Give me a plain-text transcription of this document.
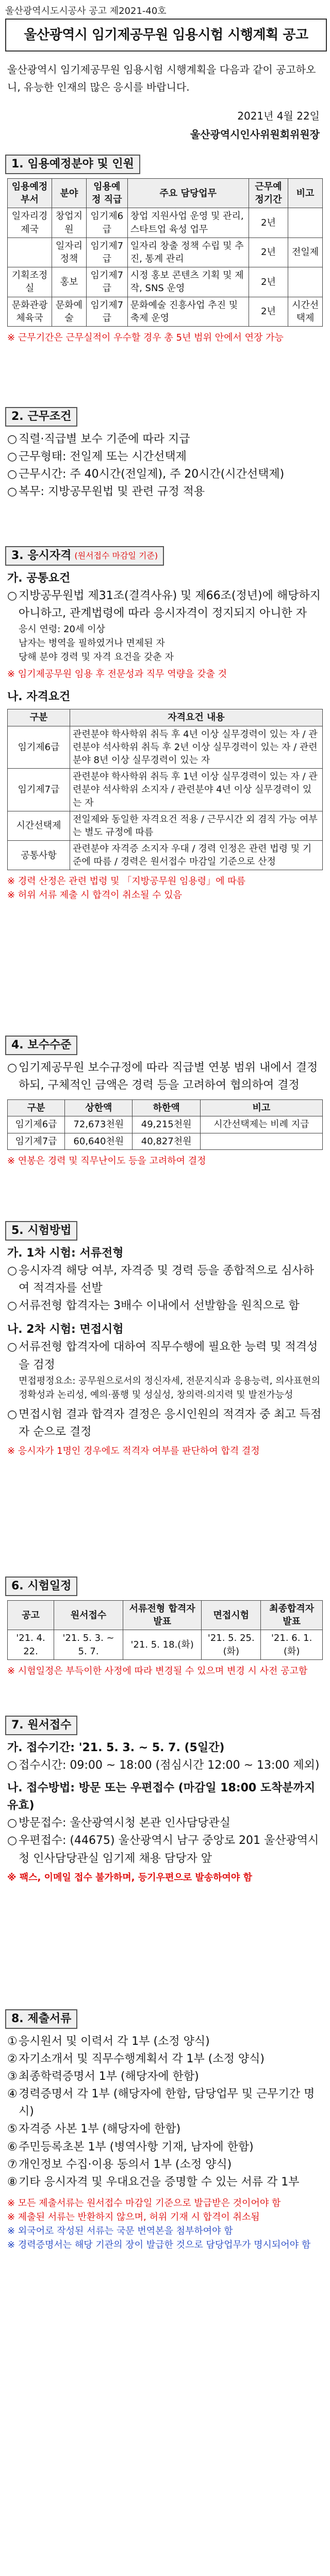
울산광역시도시공사 공고 제2021-40호
울산광역시 임기제공무원 임용시험 시행계획 공고
울산광역시 임기제공무원 임용시험 시행계획을 다음과 같이 공고하오니, 유능한 인재의 많은 응시를 바랍니다.
2021년 4월 22일
울산광역시인사위원회위원장
1. 임용예정분야 및 인원
임용예정 부서	분야	임용예정 직급	주요 담당업무	근무예정기간	비고
일자리경제국	창업지원	임기제6급	창업 지원사업 운영 및 관리, 스타트업 육성 업무	2년	
	일자리정책	임기제7급	일자리 창출 정책 수립 및 추진, 통계 관리	2년	전일제
기획조정실	홍보	임기제7급	시정 홍보 콘텐츠 기획 및 제작, SNS 운영	2년	
문화관광체육국	문화예술	임기제7급	문화예술 진흥사업 추진 및 축제 운영	2년	시간선택제
※ 근무기간은 근무실적이 우수할 경우 총 5년 범위 안에서 연장 가능
2. 근무조건
○ 직렬·직급별 보수 기준에 따라 지급
○ 근무형태: 전일제 또는 시간선택제
○ 근무시간: 주 40시간(전일제), 주 20시간(시간선택제)
○ 복무: 지방공무원법 및 관련 규정 적용
3. 응시자격 (원서접수 마감일 기준)
가. 공통요건
○ 지방공무원법 제31조(결격사유) 및 제66조(정년)에 해당하지 아니하고, 관계법령에 따라 응시자격이 정지되지 아니한 자
응시 연령: 20세 이상
남자는 병역을 필하였거나 면제된 자
당해 분야 경력 및 자격 요건을 갖춘 자
※ 임기제공무원 임용 후 전문성과 직무 역량을 갖출 것
나. 자격요건
구분	자격요건 내용
임기제6급	관련분야 학사학위 취득 후 4년 이상 실무경력이 있는 자 / 관련분야 석사학위 취득 후 2년 이상 실무경력이 있는 자 / 관련분야 8년 이상 실무경력이 있는 자
임기제7급	관련분야 학사학위 취득 후 1년 이상 실무경력이 있는 자 / 관련분야 석사학위 소지자 / 관련분야 4년 이상 실무경력이 있는 자
시간선택제	전일제와 동일한 자격요건 적용 / 근무시간 외 겸직 가능 여부는 별도 규정에 따름
공통사항	관련분야 자격증 소지자 우대 / 경력 인정은 관련 법령 및 기준에 따름 / 경력은 원서접수 마감일 기준으로 산정
※ 경력 산정은 관련 법령 및 「지방공무원 임용령」에 따름
※ 허위 서류 제출 시 합격이 취소될 수 있음
4. 보수수준
○ 임기제공무원 보수규정에 따라 직급별 연봉 범위 내에서 결정하되, 구체적인 금액은 경력 등을 고려하여 협의하여 결정
구분	상한액	하한액	비고
임기제6급	72,673천원	49,215천원	시간선택제는 비례 지급
임기제7급	60,640천원	40,827천원	
※ 연봉은 경력 및 직무난이도 등을 고려하여 결정
5. 시험방법
가. 1차 시험: 서류전형
○ 응시자격 해당 여부, 자격증 및 경력 등을 종합적으로 심사하여 적격자를 선발
○ 서류전형 합격자는 3배수 이내에서 선발함을 원칙으로 함
나. 2차 시험: 면접시험
○ 서류전형 합격자에 대하여 직무수행에 필요한 능력 및 적격성을 검정
면접평정요소: 공무원으로서의 정신자세, 전문지식과 응용능력, 의사표현의 정확성과 논리성, 예의·품행 및 성실성, 창의력·의지력 및 발전가능성
○ 면접시험 결과 합격자 결정은 응시인원의 적격자 중 최고 득점자 순으로 결정
※ 응시자가 1명인 경우에도 적격자 여부를 판단하여 합격 결정
6. 시험일정
공고	원서접수	서류전형 합격자 발표	면접시험	최종합격자 발표
'21. 4. 22.	'21. 5. 3. ~ 5. 7.	'21. 5. 18.(화)	'21. 5. 25.(화)	'21. 6. 1.(화)
※ 시험일정은 부득이한 사정에 따라 변경될 수 있으며 변경 시 사전 공고함
7. 원서접수
가. 접수기간: '21. 5. 3. ~ 5. 7. (5일간)
○ 접수시간: 09:00 ~ 18:00 (점심시간 12:00 ~ 13:00 제외)
나. 접수방법: 방문 또는 우편접수 (마감일 18:00 도착분까지 유효)
○ 방문접수: 울산광역시청 본관 인사담당관실
○ 우편접수: (44675) 울산광역시 남구 중앙로 201 울산광역시청 인사담당관실 임기제 채용 담당자 앞
※ 팩스, 이메일 접수 불가하며, 등기우편으로 발송하여야 함
8. 제출서류
① 응시원서 및 이력서 각 1부 (소정 양식)
② 자기소개서 및 직무수행계획서 각 1부 (소정 양식)
③ 최종학력증명서 1부 (해당자에 한함)
④ 경력증명서 각 1부 (해당자에 한함, 담당업무 및 근무기간 명시)
⑤ 자격증 사본 1부 (해당자에 한함)
⑥ 주민등록초본 1부 (병역사항 기재, 남자에 한함)
⑦ 개인정보 수집·이용 동의서 1부 (소정 양식)
⑧ 기타 응시자격 및 우대요건을 증명할 수 있는 서류 각 1부
※ 모든 제출서류는 원서접수 마감일 기준으로 발급받은 것이어야 함
※ 제출된 서류는 반환하지 않으며, 허위 기재 시 합격이 취소됨
※ 외국어로 작성된 서류는 국문 번역본을 첨부하여야 함
※ 경력증명서는 해당 기관의 장이 발급한 것으로 담당업무가 명시되어야 함
